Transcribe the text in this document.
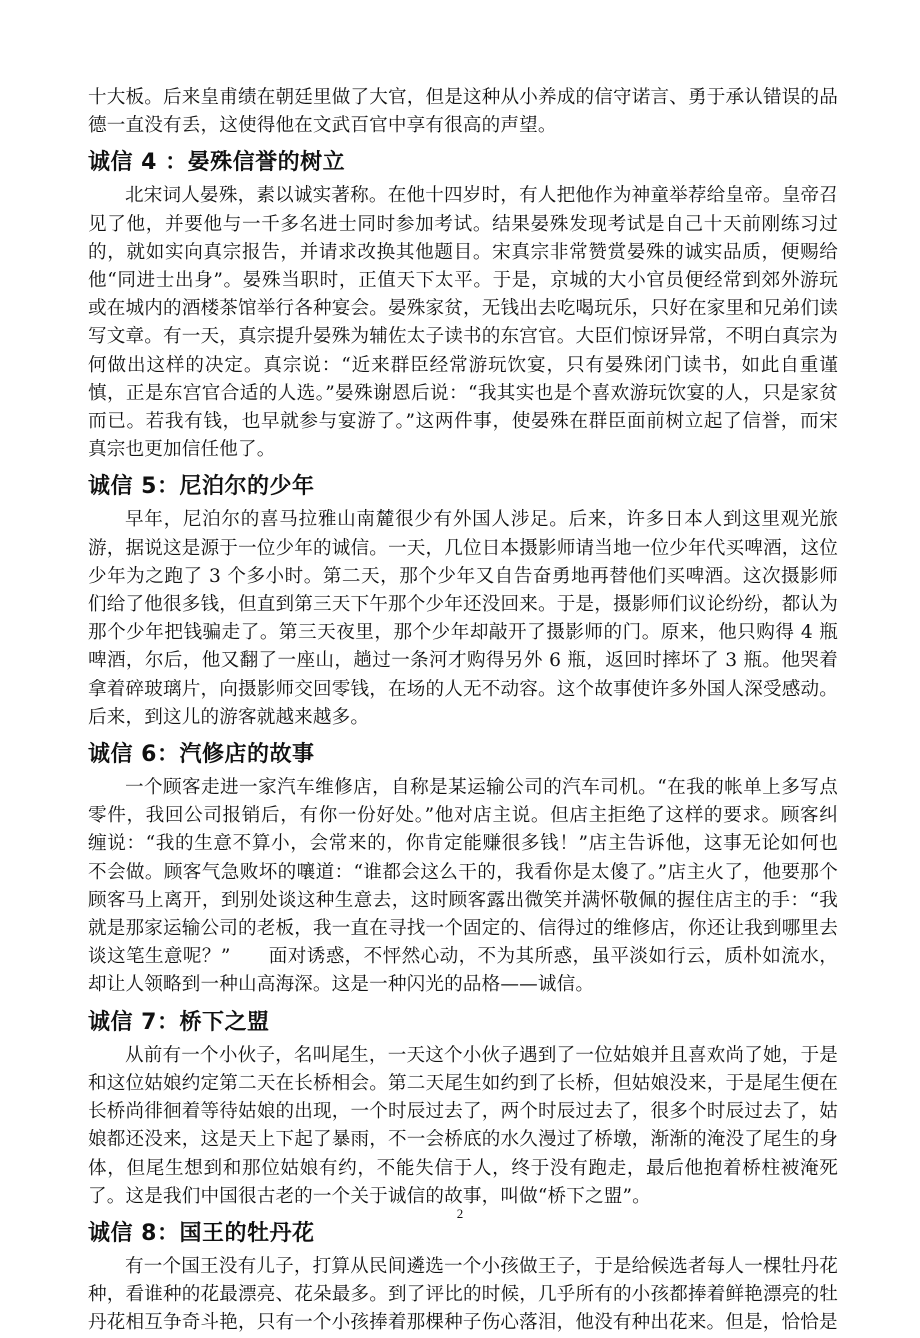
十大板。后来皇甫绩在朝廷里做了大官，但是这种从小养成的信守诺言、勇于承认错误的品德一直没有丢，这使得他在文武百官中享有很高的声望。

诚信 4 ：晏殊信誉的树立

北宋词人晏殊，素以诚实著称。在他十四岁时，有人把他作为神童举荐给皇帝。皇帝召见了他，并要他与一千多名进士同时参加考试。结果晏殊发现考试是自己十天前刚练习过的，就如实向真宗报告，并请求改换其他题目。宋真宗非常赞赏晏殊的诚实品质，便赐给他“同进士出身”。晏殊当职时，正值天下太平。于是，京城的大小官员便经常到郊外游玩或在城内的酒楼茶馆举行各种宴会。晏殊家贫，无钱出去吃喝玩乐，只好在家里和兄弟们读写文章。有一天，真宗提升晏殊为辅佐太子读书的东宫官。大臣们惊讶异常，不明白真宗为何做出这样的决定。真宗说：“近来群臣经常游玩饮宴，只有晏殊闭门读书，如此自重谨慎，正是东宫官合适的人选。”晏殊谢恩后说：“我其实也是个喜欢游玩饮宴的人，只是家贫而已。若我有钱，也早就参与宴游了。”这两件事，使晏殊在群臣面前树立起了信誉，而宋真宗也更加信任他了。

诚信 5：尼泊尔的少年

早年，尼泊尔的喜马拉雅山南麓很少有外国人涉足。后来，许多日本人到这里观光旅游，据说这是源于一位少年的诚信。一天，几位日本摄影师请当地一位少年代买啤酒，这位少年为之跑了 3 个多小时。第二天，那个少年又自告奋勇地再替他们买啤酒。这次摄影师们给了他很多钱，但直到第三天下午那个少年还没回来。于是，摄影师们议论纷纷，都认为那个少年把钱骗走了。第三天夜里，那个少年却敲开了摄影师的门。原来，他只购得 4 瓶啤酒，尔后，他又翻了一座山，趟过一条河才购得另外 6 瓶，返回时摔坏了 3 瓶。他哭着拿着碎玻璃片，向摄影师交回零钱，在场的人无不动容。这个故事使许多外国人深受感动。后来，到这儿的游客就越来越多。

诚信 6：汽修店的故事

一个顾客走进一家汽车维修店，自称是某运输公司的汽车司机。“在我的帐单上多写点零件，我回公司报销后，有你一份好处。”他对店主说。但店主拒绝了这样的要求。顾客纠缠说：“我的生意不算小，会常来的，你肯定能赚很多钱！”店主告诉他，这事无论如何也不会做。顾客气急败坏的嚷道：“谁都会这么干的，我看你是太傻了。”店主火了，他要那个顾客马上离开，到别处谈这种生意去，这时顾客露出微笑并满怀敬佩的握住店主的手：“我就是那家运输公司的老板，我一直在寻找一个固定的、信得过的维修店，你还让我到哪里去谈这笔生意呢？”　　面对诱惑，不怦然心动，不为其所惑，虽平淡如行云，质朴如流水，却让人领略到一种山高海深。这是一种闪光的品格——诚信。

诚信 7：桥下之盟

从前有一个小伙子，名叫尾生，一天这个小伙子遇到了一位姑娘并且喜欢尚了她，于是和这位姑娘约定第二天在长桥相会。第二天尾生如约到了长桥，但姑娘没来，于是尾生便在长桥尚徘徊着等待姑娘的出现，一个时辰过去了，两个时辰过去了，很多个时辰过去了，姑娘都还没来，这是天上下起了暴雨，不一会桥底的水久漫过了桥墩，渐渐的淹没了尾生的身体，但尾生想到和那位姑娘有约，不能失信于人，终于没有跑走，最后他抱着桥柱被淹死了。这是我们中国很古老的一个关于诚信的故事，叫做“桥下之盟”。

诚信 8：国王的牡丹花

有一个国王没有儿子，打算从民间遴选一个小孩做王子，于是给候选者每人一棵牡丹花种，看谁种的花最漂亮、花朵最多。到了评比的时候，几乎所有的小孩都捧着鲜艳漂亮的牡丹花相互争奇斗艳，只有一个小孩捧着那棵种子伤心落泪，他没有种出花来。但是，恰恰是

2
